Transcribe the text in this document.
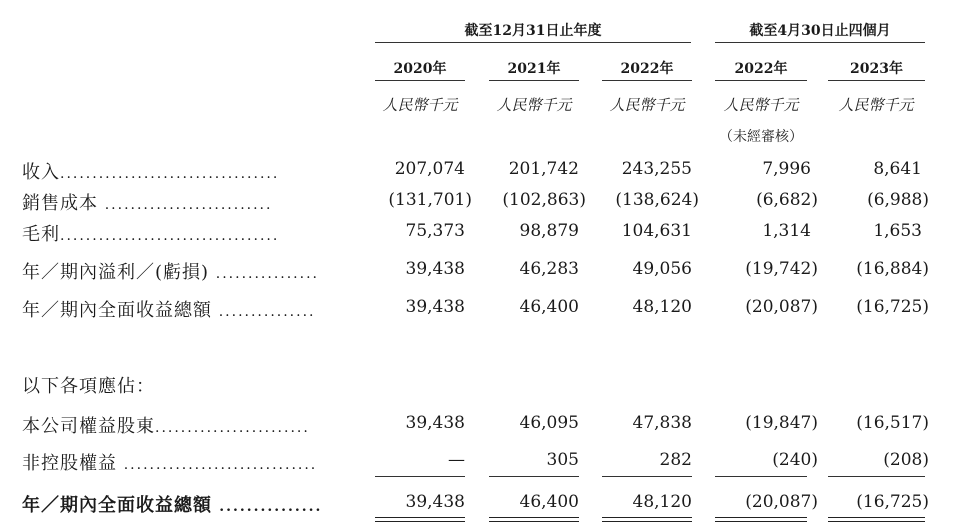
截至12月31日止年度	截至4月30日止四個月
2020年	2021年	2022年	2022年	2023年
人民幣千元	人民幣千元	人民幣千元	人民幣千元	人民幣千元
（未經審核）
收入..................................	207,074	201,742	243,255	7,996	8,641
銷售成本 ..........................	(131,701)	(102,863)	(138,624)	(6,682)	(6,988)
毛利..................................	75,373	98,879	104,631	1,314	1,653
年／期內溢利／(虧損) ................	39,438	46,283	49,056	(19,742)	(16,884)
年／期內全面收益總額 ...............	39,438	46,400	48,120	(20,087)	(16,725)
以下各項應佔：
本公司權益股東........................	39,438	46,095	47,838	(19,847)	(16,517)
非控股權益 ..............................	—	305	282	(240)	(208)
年／期內全面收益總額 ...............	39,438	46,400	48,120	(20,087)	(16,725)
